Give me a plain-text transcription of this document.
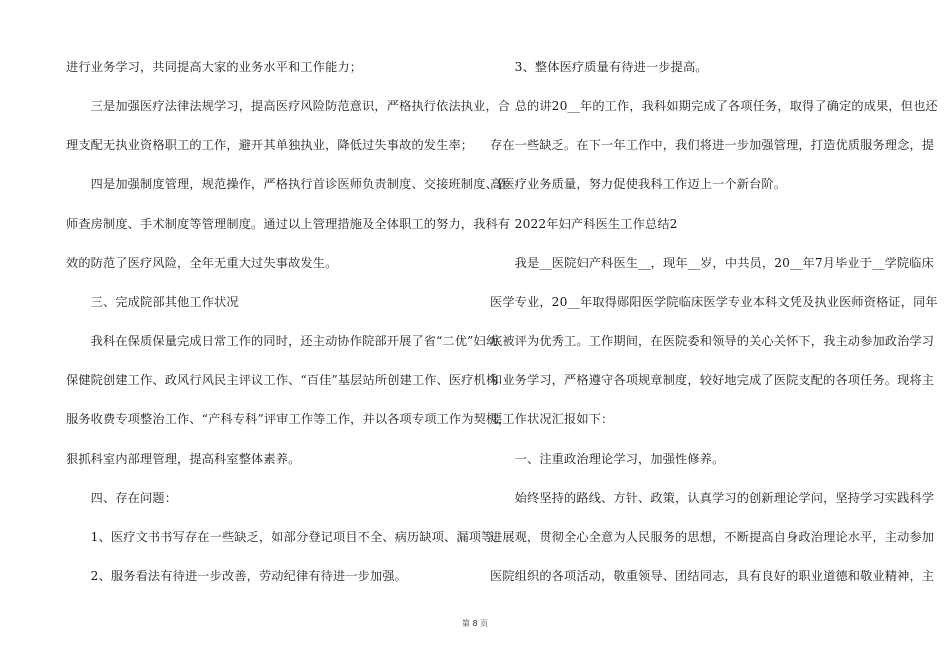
进行业务学习，共同提高大家的业务水平和工作能力；
　　三是加强医疗法律法规学习，提高医疗风险防范意识，严格执行依法执业，合
理支配无执业资格职工的工作，避开其单独执业，降低过失事故的发生率；
　　四是加强制度管理，规范操作，严格执行首诊医师负责制度、交接班制度、医
师查房制度、手术制度等管理制度。通过以上管理措施及全体职工的努力，我科有
效的防范了医疗风险，全年无重大过失事故发生。
　　三、完成院部其他工作状况
　　我科在保质保量完成日常工作的同时，还主动协作院部开展了省“二优”妇幼
保健院创建工作、政风行风民主评议工作、“百佳”基层站所创建工作、医疗机构
服务收费专项整治工作、“产科专科”评审工作等工作，并以各项专项工作为契机，
狠抓科室内部理管理，提高科室整体素养。
　　四、存在问题：
　　1、医疗文书书写存在一些缺乏，如部分登记项目不全、病历缺项、漏项等。
　　2、服务看法有待进一步改善，劳动纪律有待进一步加强。
　　3、整体医疗质量有待进一步提高。
　　总的讲20__年的工作，我科如期完成了各项任务，取得了确定的成果，但也还
存在一些缺乏。在下一年工作中，我们将进一步加强管理，打造优质服务理念，提
高医疗业务质量，努力促使我科工作迈上一个新台阶。
　　2022年妇产科医生工作总结2
　　我是__医院妇产科医生__，现年__岁，中共员，20__年7月毕业于__学院临床
医学专业，20__年取得郧阳医学院临床医学专业本科文凭及执业医师资格证，同年
底被评为优秀工。工作期间，在医院委和领导的关心关怀下，我主动参加政治学习
和业务学习，严格遵守各项规章制度，较好地完成了医院支配的各项任务。现将主
要工作状况汇报如下：
　　一、注重政治理论学习，加强性修养。
　　始终坚持的路线、方针、政策，认真学习的创新理论学问，坚持学习实践科学
进展观，贯彻全心全意为人民服务的思想，不断提高自身政治理论水平，主动参加
医院组织的各项活动，敬重领导、团结同志，具有良好的职业道德和敬业精神，主
第 8 页
